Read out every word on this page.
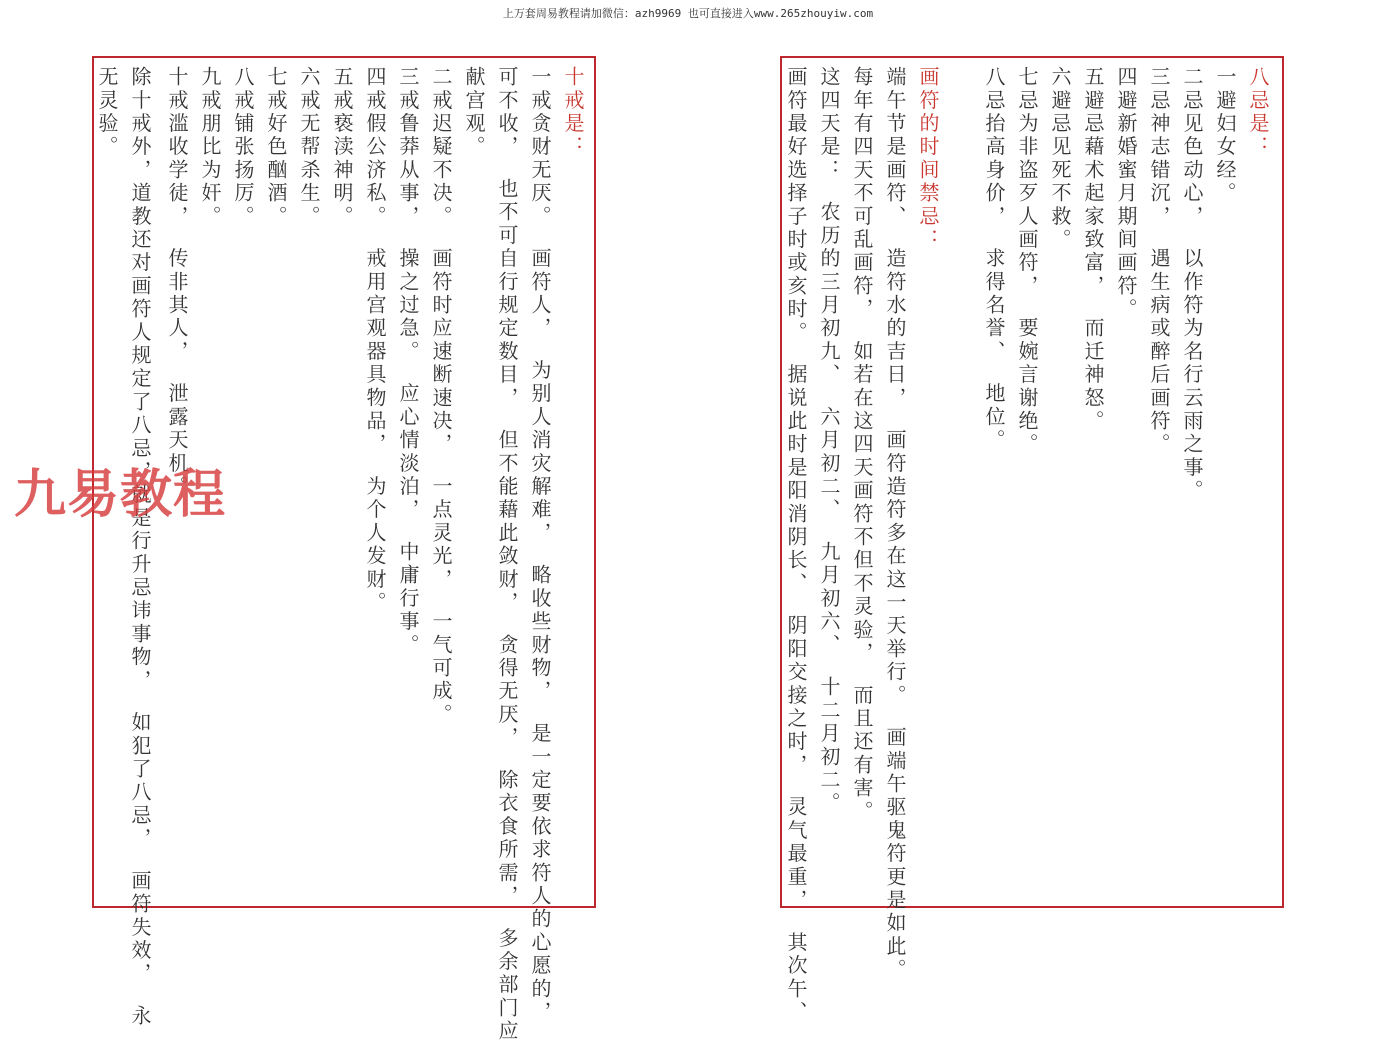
上万套周易教程请加微信：azh9969 也可直接进入www.265zhouyiw.com
八忌是：
一避妇女经。
二忌见色动心，  以作符为名行云雨之事。
三忌神志错沉，  遇生病或醉后画符。
四避新婚蜜月期间画符。
五避忌藉术起家致富，  而迁神怒。
六避忌见死不救。
七忌为非盗歹人画符，  要婉言谢绝。
八忌抬高身价，  求得名誉、  地位。
画符的时间禁忌：
端午节是画符、  造符水的吉日，  画符造符多在这一天举行。  画端午驱鬼符更是如此。
每年有四天不可乱画符，  如若在这四天画符不但不灵验，  而且还有害。
这四天是：  农历的三月初九、  六月初二、  九月初六、  十二月初二。
画符最好选择子时或亥时。  据说此时是阳消阴长、  阴阳交接之时，  灵气最重，  其次午、
十戒是：
一戒贪财无厌。  画符人，  为别人消灾解难，  略收些财物，  是一定要依求符人的心愿的，
可不收，  也不可自行规定数目，  但不能藉此敛财，  贪得无厌，  除衣食所需，  多余部门应
献宫观。
二戒迟疑不决。  画符时应速断速决，  一点灵光，  一气可成。
三戒鲁莽从事，  操之过急。  应心情淡泊，  中庸行事。
四戒假公济私。  戒用宫观器具物品，  为个人发财。
五戒亵渎神明。
六戒无帮杀生。
七戒好色酗酒。
八戒铺张扬厉。
九戒朋比为奸。
十戒滥收学徒，  传非其人，  泄露天机。
除十戒外，道教还对画符人规定了八忌，就是行升忌讳事物，  如犯了八忌，  画符失效，  永
无灵验。
九易教程
